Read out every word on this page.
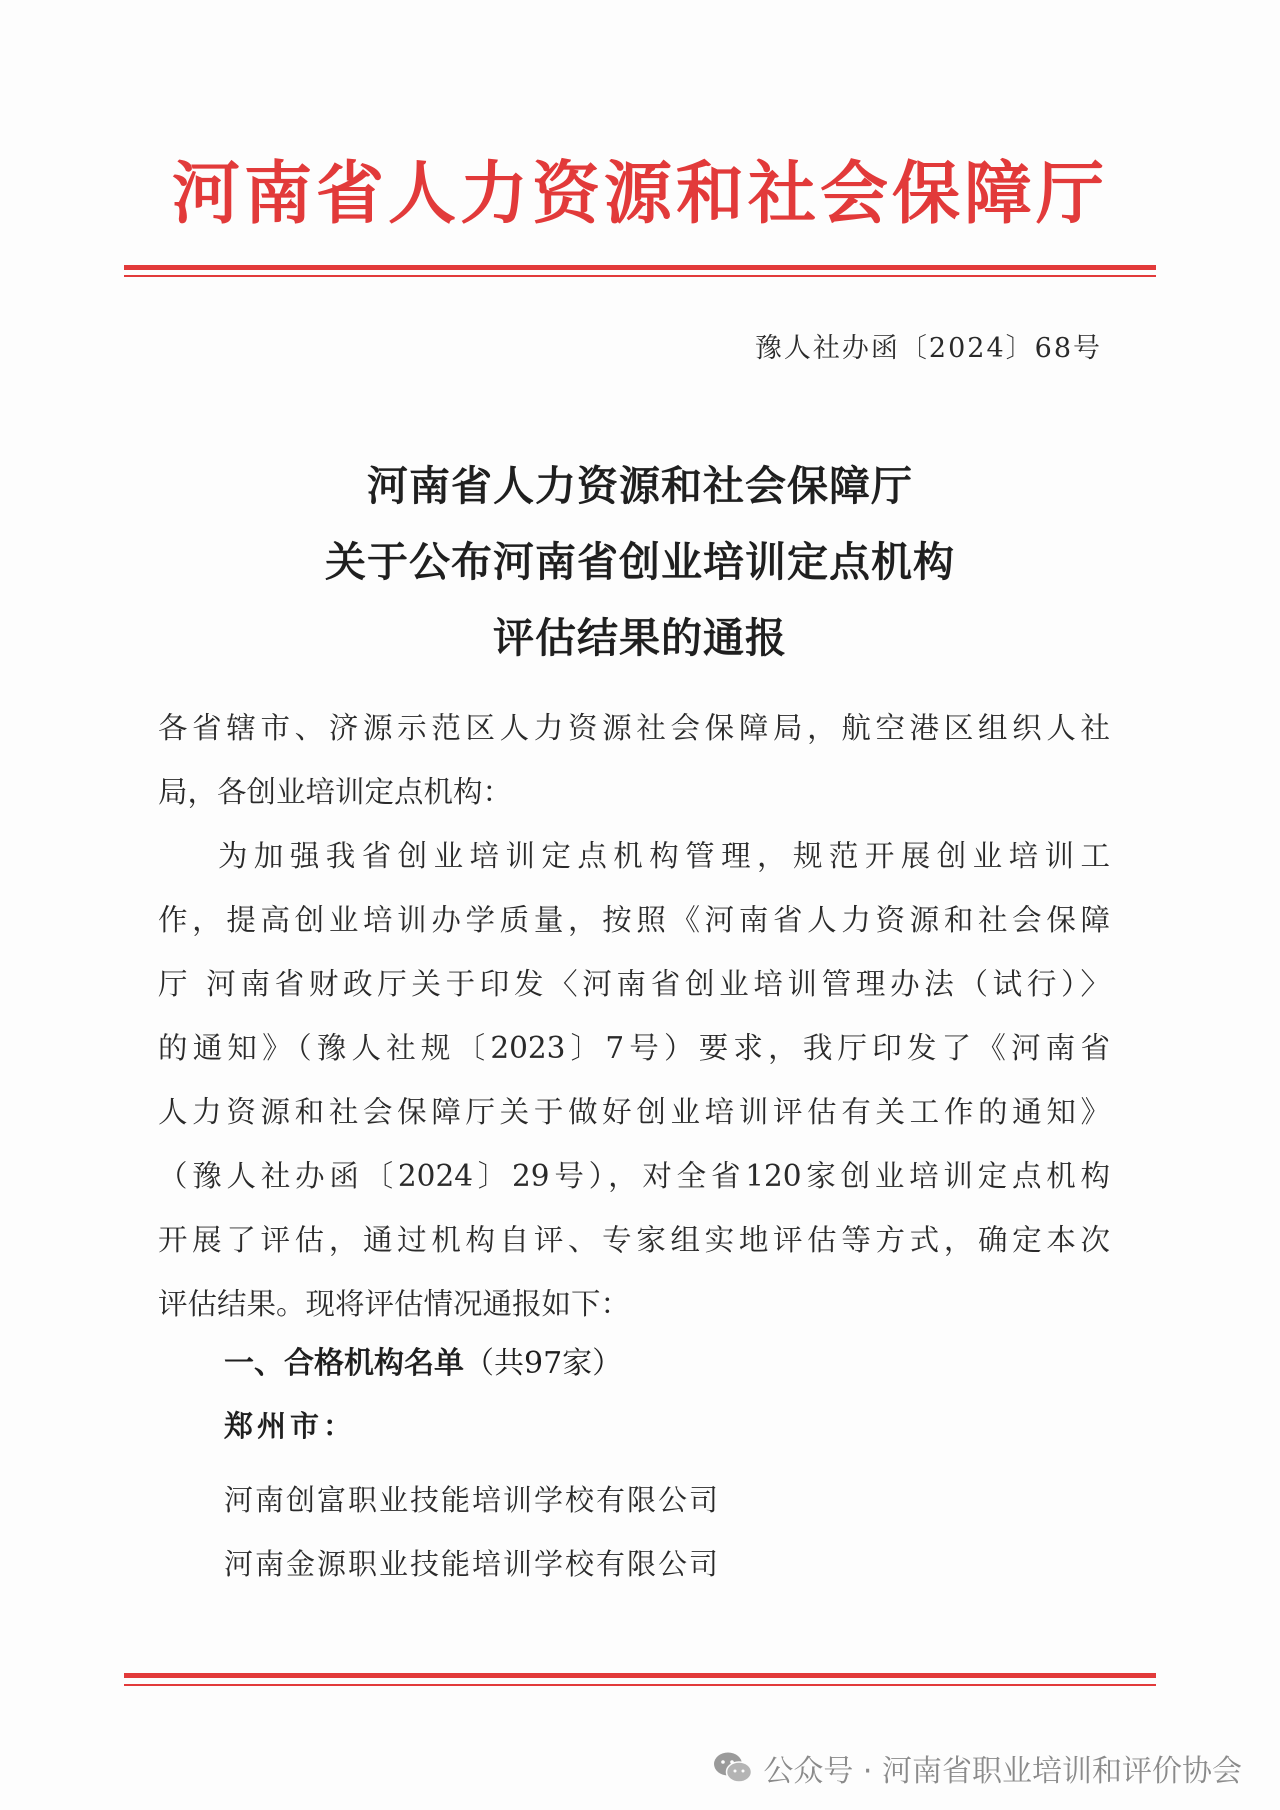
河南省人力资源和社会保障厅
豫人社办函〔2024〕68号
河南省人力资源和社会保障厅
关于公布河南省创业培训定点机构
评估结果的通报
各省辖市、济源示范区人力资源社会保障局，航空港区组织人社
局，各创业培训定点机构：
为加强我省创业培训定点机构管理，规范开展创业培训工
作，提高创业培训办学质量，按照《河南省人力资源和社会保障
厅 河南省财政厅关于印发〈河南省创业培训管理办法（试行）〉
的通知》（豫人社规〔2023〕7号）要求，我厅印发了《河南省
人力资源和社会保障厅关于做好创业培训评估有关工作的通知》
（豫人社办函〔2024〕29号），对全省120家创业培训定点机构
开展了评估，通过机构自评、专家组实地评估等方式，确定本次
评估结果。现将评估情况通报如下：
一、合格机构名单（共97家）
郑州市：
河南创富职业技能培训学校有限公司
河南金源职业技能培训学校有限公司
公众号 · 河南省职业培训和评价协会
